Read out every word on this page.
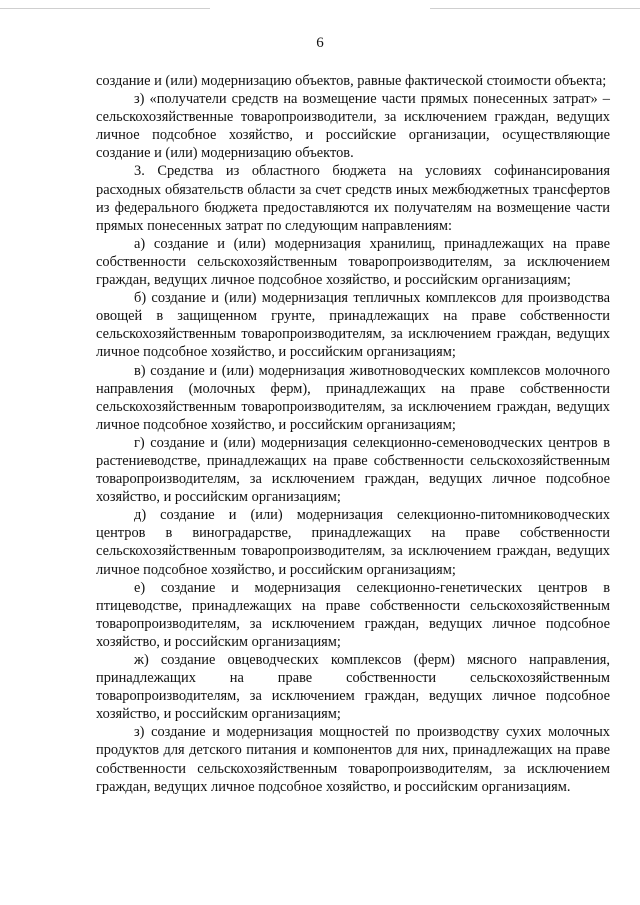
6

создание и (или) модернизацию объектов, равные фактической стоимости объекта;

з) «получатели средств на возмещение части прямых понесенных затрат» – сельскохозяйственные товаропроизводители, за исключением граждан, ведущих личное подсобное хозяйство, и российские организации, осуществляющие создание и (или) модернизацию объектов.

3. Средства из областного бюджета на условиях софинансирования расходных обязательств области за счет средств иных межбюджетных трансфертов из федерального бюджета предоставляются их получателям на возмещение части прямых понесенных затрат по следующим направлениям:

а) создание и (или) модернизация хранилищ, принадлежащих на праве собственности сельскохозяйственным товаропроизводителям, за исключением граждан, ведущих личное подсобное хозяйство, и российским организациям;

б) создание и (или) модернизация тепличных комплексов для производства овощей в защищенном грунте, принадлежащих на праве собственности сельскохозяйственным товаропроизводителям, за исключением граждан, ведущих личное подсобное хозяйство, и российским организациям;

в) создание и (или) модернизация животноводческих комплексов молочного направления (молочных ферм), принадлежащих на праве собственности сельскохозяйственным товаропроизводителям, за исключением граждан, ведущих личное подсобное хозяйство, и российским организациям;

г) создание и (или) модернизация селекционно-семеноводческих центров в растениеводстве, принадлежащих на праве собственности сельскохозяйственным товаропроизводителям, за исключением граждан, ведущих личное подсобное хозяйство, и российским организациям;

д) создание и (или) модернизация селекционно-питомниководческих центров в виноградарстве, принадлежащих на праве собственности сельскохозяйственным товаропроизводителям, за исключением граждан, ведущих личное подсобное хозяйство, и российским организациям;

е) создание и модернизация селекционно-генетических центров в птицеводстве, принадлежащих на праве собственности сельскохозяйственным товаропроизводителям, за исключением граждан, ведущих личное подсобное хозяйство, и российским организациям;

ж) создание овцеводческих комплексов (ферм) мясного направления, принадлежащих на праве собственности сельскохозяйственным товаропроизводителям, за исключением граждан, ведущих личное подсобное хозяйство, и российским организациям;

з) создание и модернизация мощностей по производству сухих молочных продуктов для детского питания и компонентов для них, принадлежащих на праве собственности сельскохозяйственным товаропроизводителям, за исключением граждан, ведущих личное подсобное хозяйство, и российским организациям.
